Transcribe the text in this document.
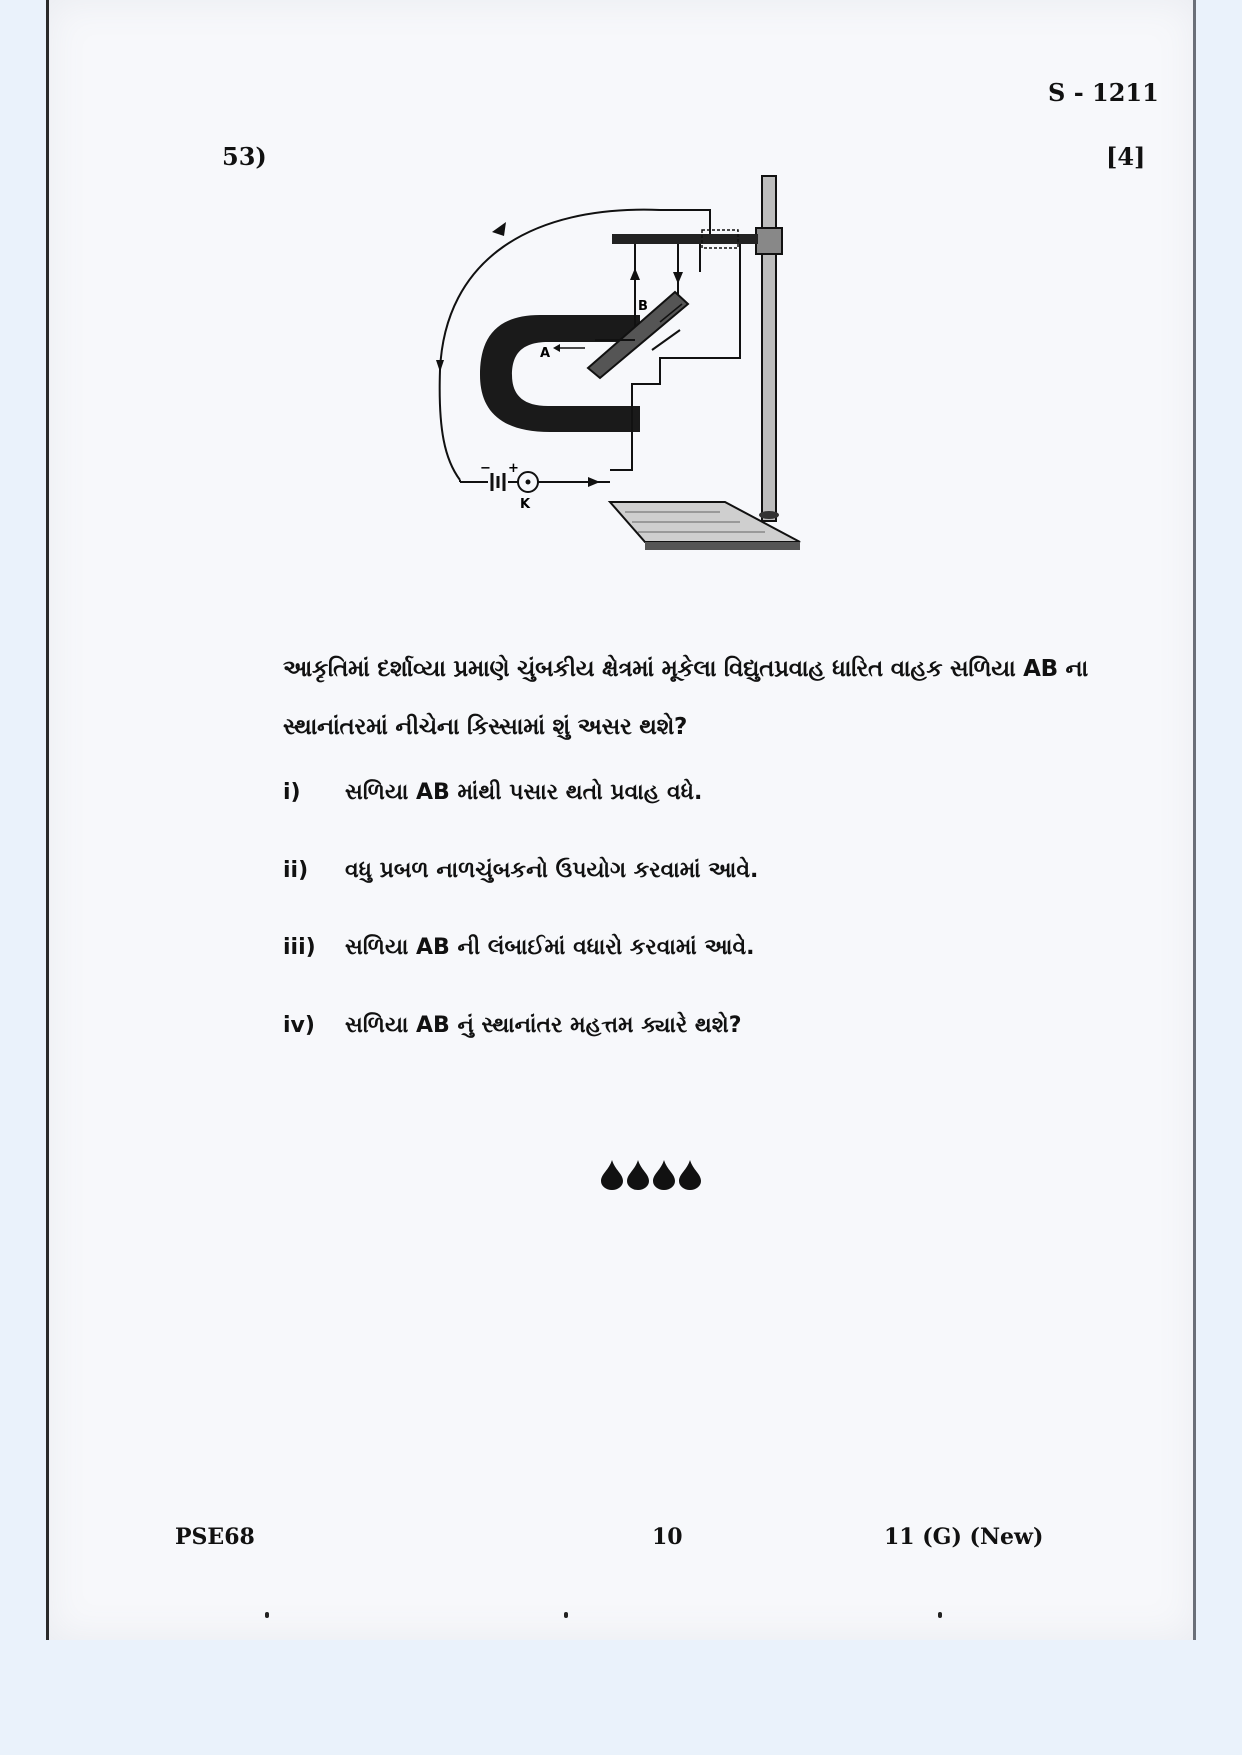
S - 1211
53)	[4]
B
A
− +
K
આકૃતિમાં દર્શાવ્યા પ્રમાણે ચુંબકીય ક્ષેત્રમાં મૂકેલા વિદ્યુતપ્રવાહ ધારિત વાહક સળિયા AB ના સ્થાનાંતરમાં નીચેના કિસ્સામાં શું અસર થશે?
i) સળિયા AB માંથી પસાર થતો પ્રવાહ વધે.
ii) વધુ પ્રબળ નાળચુંબકનો ઉપયોગ કરવામાં આવે.
iii) સળિયા AB ની લંબાઈમાં વધારો કરવામાં આવે.
iv) સળિયા AB નું સ્થાનાંતર મહત્તમ ક્યારે થશે?
PSE68	10	11 (G) (New)
